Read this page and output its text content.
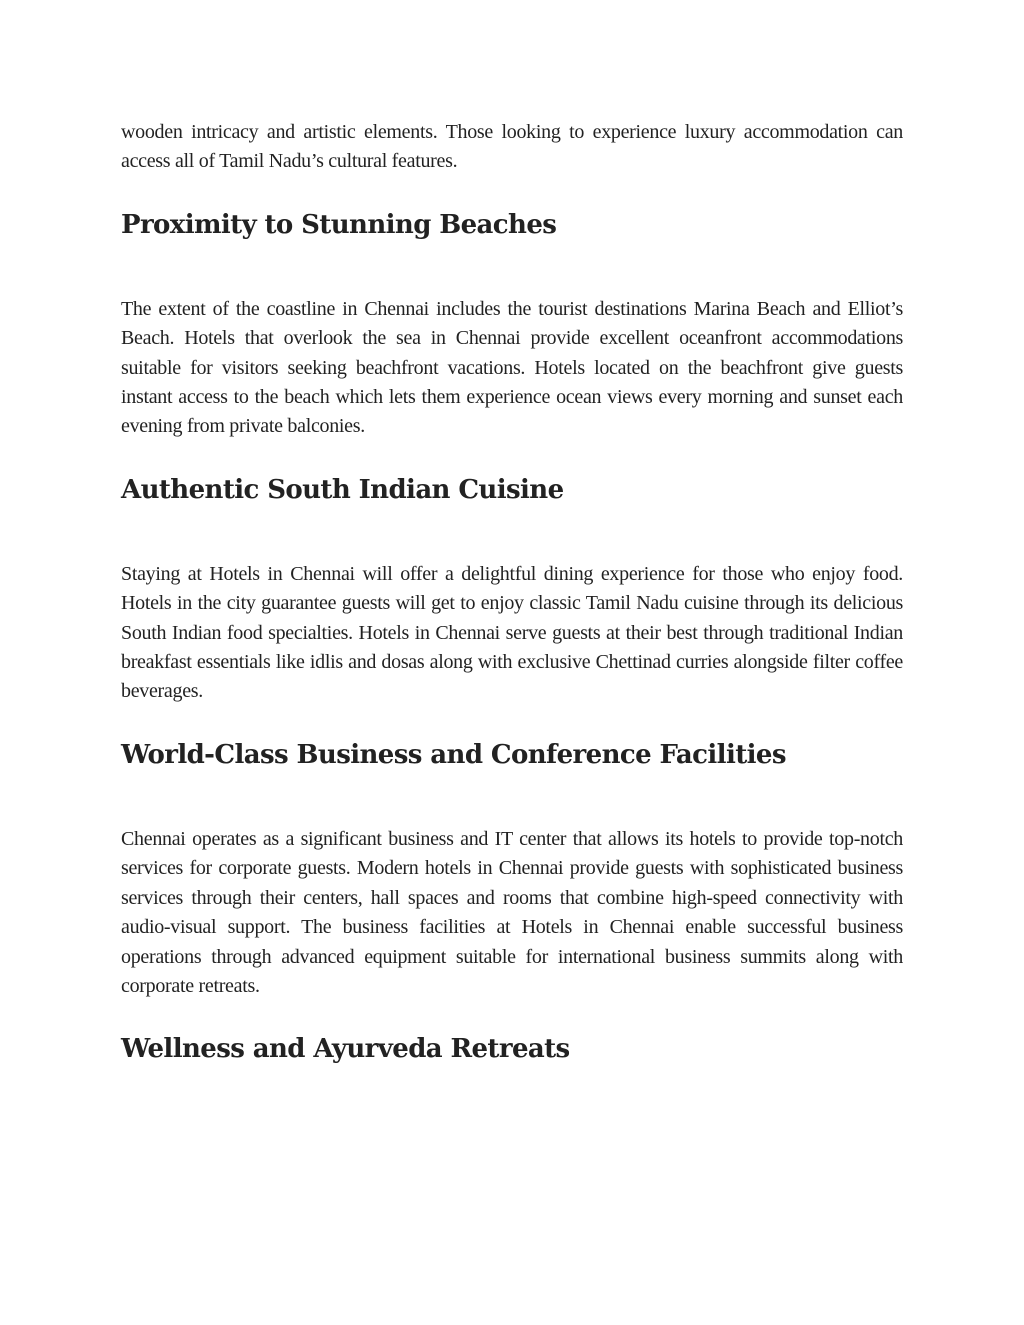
wooden intricacy and artistic elements. Those looking to experience luxury accommodation can access all of Tamil Nadu’s cultural features.

Proximity to Stunning Beaches

The extent of the coastline in Chennai includes the tourist destinations Marina Beach and Elliot’s Beach. Hotels that overlook the sea in Chennai provide excellent oceanfront accommodations suitable for visitors seeking beachfront vacations. Hotels located on the beachfront give guests instant access to the beach which lets them experience ocean views every morning and sunset each evening from private balconies.

Authentic South Indian Cuisine

Staying at Hotels in Chennai will offer a delightful dining experience for those who enjoy food. Hotels in the city guarantee guests will get to enjoy classic Tamil Nadu cuisine through its delicious South Indian food specialties. Hotels in Chennai serve guests at their best through traditional Indian breakfast essentials like idlis and dosas along with exclusive Chettinad curries alongside filter coffee beverages.

World-Class Business and Conference Facilities

Chennai operates as a significant business and IT center that allows its hotels to provide top-notch services for corporate guests. Modern hotels in Chennai provide guests with sophisticated business services through their centers, hall spaces and rooms that combine high-speed connectivity with audio-visual support. The business facilities at Hotels in Chennai enable successful business operations through advanced equipment suitable for international business summits along with corporate retreats.

Wellness and Ayurveda Retreats
